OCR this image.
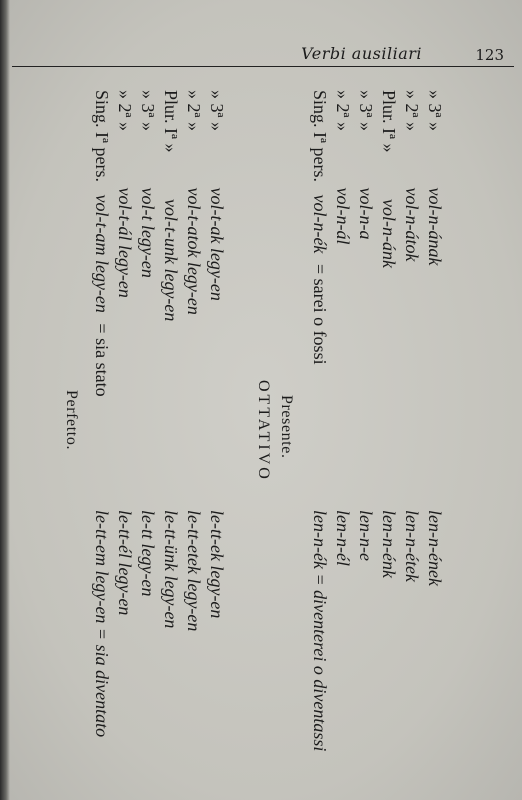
Verbi ausiliari	123
Perfetto.
Sing. Iª pers. vol-t-am legy-en = sia stato
» 2ª » vol-t-ál legy-en
» 3ª » vol-t legy-en
Plur. Iª » vol-t-unk legy-en
» 2ª » vol-t-atok legy-en
» 3ª » vol-t-ak legy-en
le-tt-em legy-en = sia diventato le-tt-él legy-en le-tt legy-en le-tt-ünk legy-en le-tt-etek legy-en le-tt-ek legy-en
OTTATIVO Presente.
Sing. Iª pers. vol-n-ék = sarei o fossi
» 2ª » vol-n-ál
» 3ª » vol-n-a
Plur. Iª » vol-n-ánk
» 2ª » vol-n-átok
» 3ª » vol-n-ának
len-n-ék = diventerei o diventassi len-n-él len-n-e len-n-énk len-n-étek len-n-ének
